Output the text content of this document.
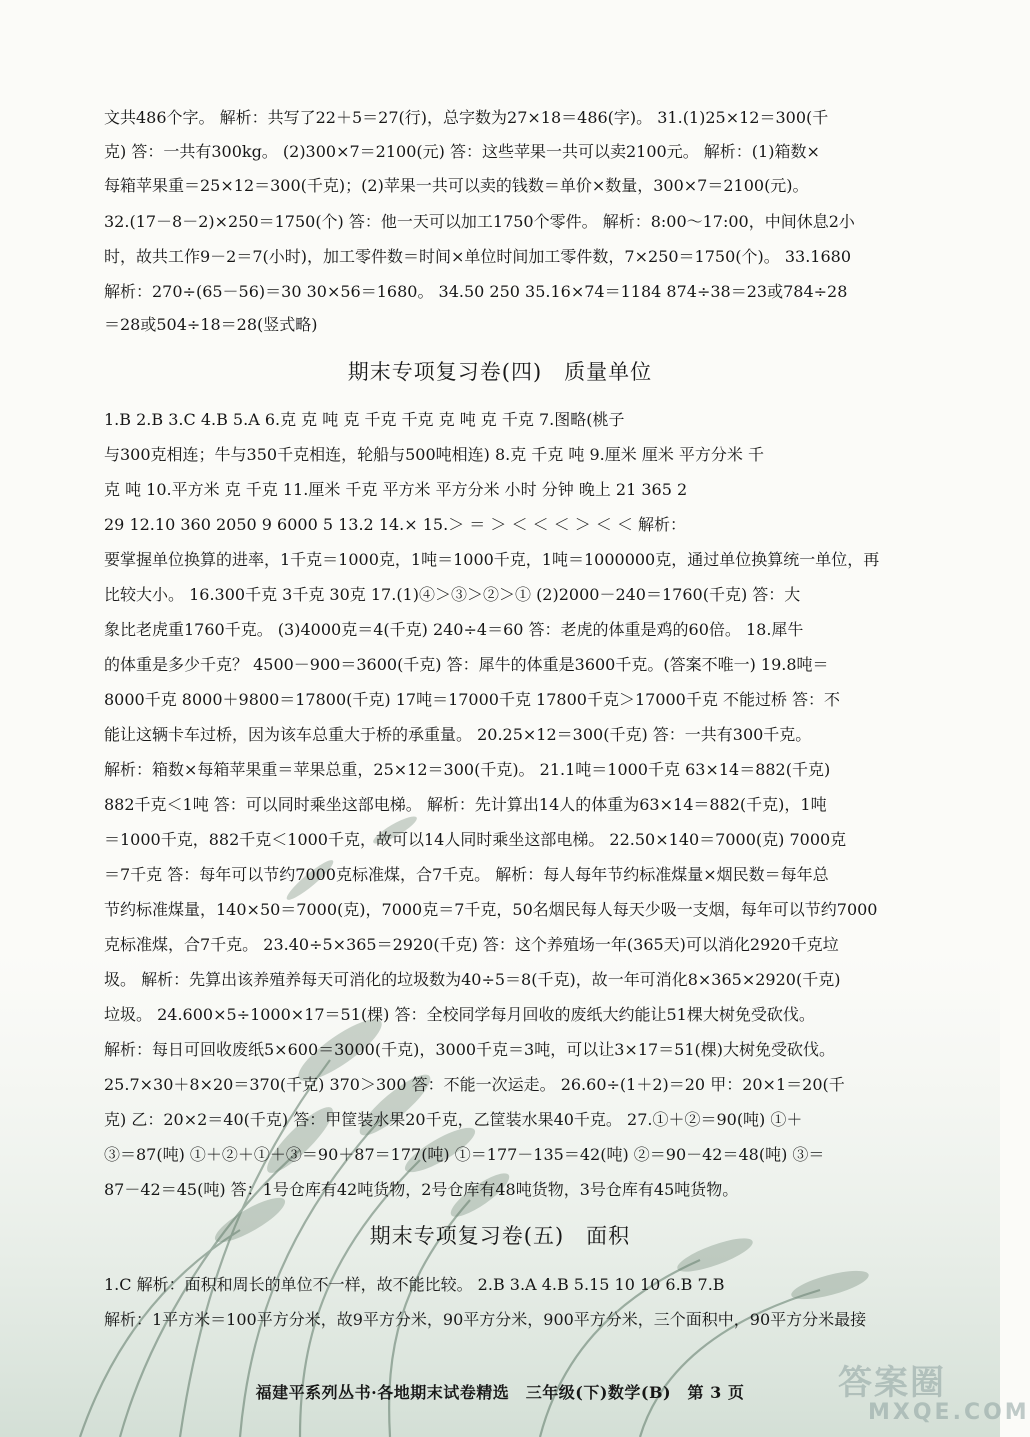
文共486个字。 解析：共写了22＋5＝27(行)，总字数为27×18＝486(字)。 31.(1)25×12＝300(千
克) 答：一共有300kg。 (2)300×7＝2100(元) 答：这些苹果一共可以卖2100元。 解析：(1)箱数×
每箱苹果重＝25×12＝300(千克)；(2)苹果一共可以卖的钱数＝单价×数量，300×7＝2100(元)。
32.(17－8－2)×250＝1750(个) 答：他一天可以加工1750个零件。 解析：8:00～17:00，中间休息2小
时，故共工作9－2＝7(小时)，加工零件数＝时间×单位时间加工零件数，7×250＝1750(个)。 33.1680
解析：270÷(65－56)＝30 30×56＝1680。 34.50 250 35.16×74＝1184 874÷38＝23或784÷28
＝28或504÷18＝28(竖式略)
期末专项复习卷(四)　质量单位
1.B 2.B 3.C 4.B 5.A 6.克 克 吨 克 千克 千克 克 吨 克 千克 7.图略(桃子
与300克相连；牛与350千克相连，轮船与500吨相连) 8.克 千克 吨 9.厘米 厘米 平方分米 千
克 吨 10.平方米 克 千克 11.厘米 千克 平方米 平方分米 小时 分钟 晚上 21 365 2
29 12.10 360 2050 9 6000 5 13.2 14.× 15.＞ ＝ ＞ ＜ ＜ ＜ ＞ ＜ ＜ 解析：
要掌握单位换算的进率，1千克＝1000克，1吨＝1000千克，1吨＝1000000克，通过单位换算统一单位，再
比较大小。 16.300千克 3千克 30克 17.(1)④＞③＞②＞① (2)2000－240＝1760(千克) 答：大
象比老虎重1760千克。 (3)4000克＝4(千克) 240÷4＝60 答：老虎的体重是鸡的60倍。 18.犀牛
的体重是多少千克？ 4500－900＝3600(千克) 答：犀牛的体重是3600千克。(答案不唯一) 19.8吨＝
8000千克 8000＋9800＝17800(千克) 17吨＝17000千克 17800千克＞17000千克 不能过桥 答：不
能让这辆卡车过桥，因为该车总重大于桥的承重量。 20.25×12＝300(千克) 答：一共有300千克。
解析：箱数×每箱苹果重＝苹果总重，25×12＝300(千克)。 21.1吨＝1000千克 63×14＝882(千克)
882千克＜1吨 答：可以同时乘坐这部电梯。 解析：先计算出14人的体重为63×14＝882(千克)，1吨
＝1000千克，882千克＜1000千克，故可以14人同时乘坐这部电梯。 22.50×140＝7000(克) 7000克
＝7千克 答：每年可以节约7000克标准煤，合7千克。 解析：每人每年节约标准煤量×烟民数＝每年总
节约标准煤量，140×50＝7000(克)，7000克＝7千克，50名烟民每人每天少吸一支烟，每年可以节约7000
克标准煤，合7千克。 23.40÷5×365＝2920(千克) 答：这个养殖场一年(365天)可以消化2920千克垃
圾。 解析：先算出该养殖养每天可消化的垃圾数为40÷5＝8(千克)，故一年可消化8×365×2920(千克)
垃圾。 24.600×5÷1000×17＝51(棵) 答：全校同学每月回收的废纸大约能让51棵大树免受砍伐。
解析：每日可回收废纸5×600＝3000(千克)，3000千克＝3吨，可以让3×17＝51(棵)大树免受砍伐。
25.7×30＋8×20＝370(千克) 370＞300 答：不能一次运走。 26.60÷(1＋2)＝20 甲：20×1＝20(千
克) 乙：20×2＝40(千克) 答：甲筐装水果20千克，乙筐装水果40千克。 27.①＋②＝90(吨) ①＋
③＝87(吨) ①＋②＋①＋③＝90＋87＝177(吨) ①＝177－135＝42(吨) ②＝90－42＝48(吨) ③＝
87－42＝45(吨) 答：1号仓库有42吨货物，2号仓库有48吨货物，3号仓库有45吨货物。
期末专项复习卷(五)　面积
1.C 解析：面积和周长的单位不一样，故不能比较。 2.B 3.A 4.B 5.15 10 10 6.B 7.B
解析：1平方米＝100平方分米，故9平方分米，90平方分米，900平方分米，三个面积中，90平方分米最接
福建平系列丛书·各地期末试卷精选　三年级(下)数学(B)　第 3 页	答案圈
MXQE.COM
